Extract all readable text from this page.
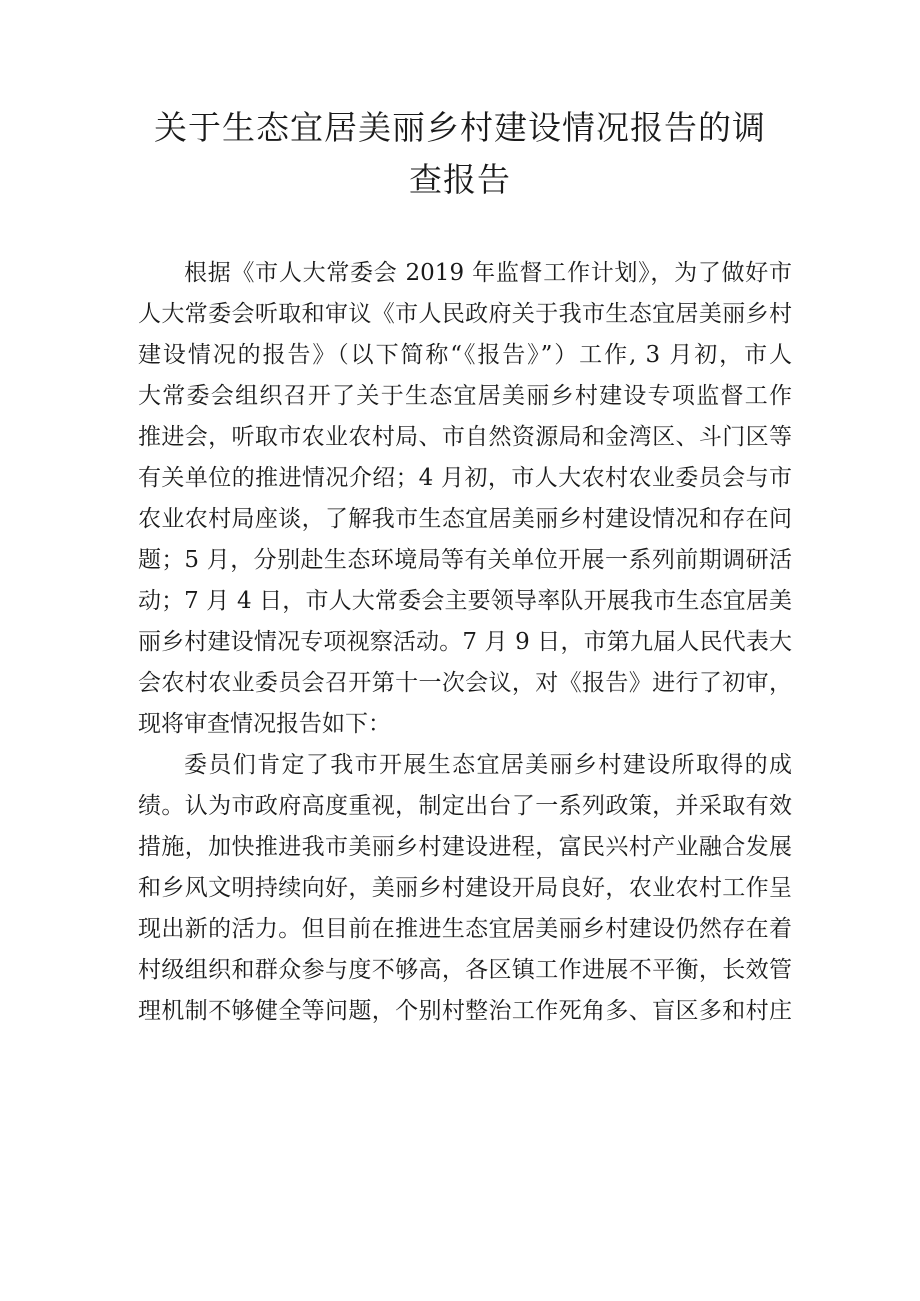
关于生态宜居美丽乡村建设情况报告的调
查报告
根据《市人大常委会 2019 年监督工作计划》，为了做好市
人大常委会听取和审议《市人民政府关于我市生态宜居美丽乡村
建设情况的报告》（以下简称“《报告》”）工作, 3 月初，市人
大常委会组织召开了关于生态宜居美丽乡村建设专项监督工作
推进会，听取市农业农村局、市自然资源局和金湾区、斗门区等
有关单位的推进情况介绍；4 月初，市人大农村农业委员会与市
农业农村局座谈，了解我市生态宜居美丽乡村建设情况和存在问
题；5 月，分别赴生态环境局等有关单位开展一系列前期调研活
动；7 月 4 日，市人大常委会主要领导率队开展我市生态宜居美
丽乡村建设情况专项视察活动。7 月 9 日，市第九届人民代表大
会农村农业委员会召开第十一次会议，对《报告》进行了初审，
现将审查情况报告如下：
委员们肯定了我市开展生态宜居美丽乡村建设所取得的成
绩。认为市政府高度重视，制定出台了一系列政策，并采取有效
措施，加快推进我市美丽乡村建设进程，富民兴村产业融合发展
和乡风文明持续向好，美丽乡村建设开局良好，农业农村工作呈
现出新的活力。但目前在推进生态宜居美丽乡村建设仍然存在着
村级组织和群众参与度不够高，各区镇工作进展不平衡，长效管
理机制不够健全等问题，个别村整治工作死角多、盲区多和村庄
